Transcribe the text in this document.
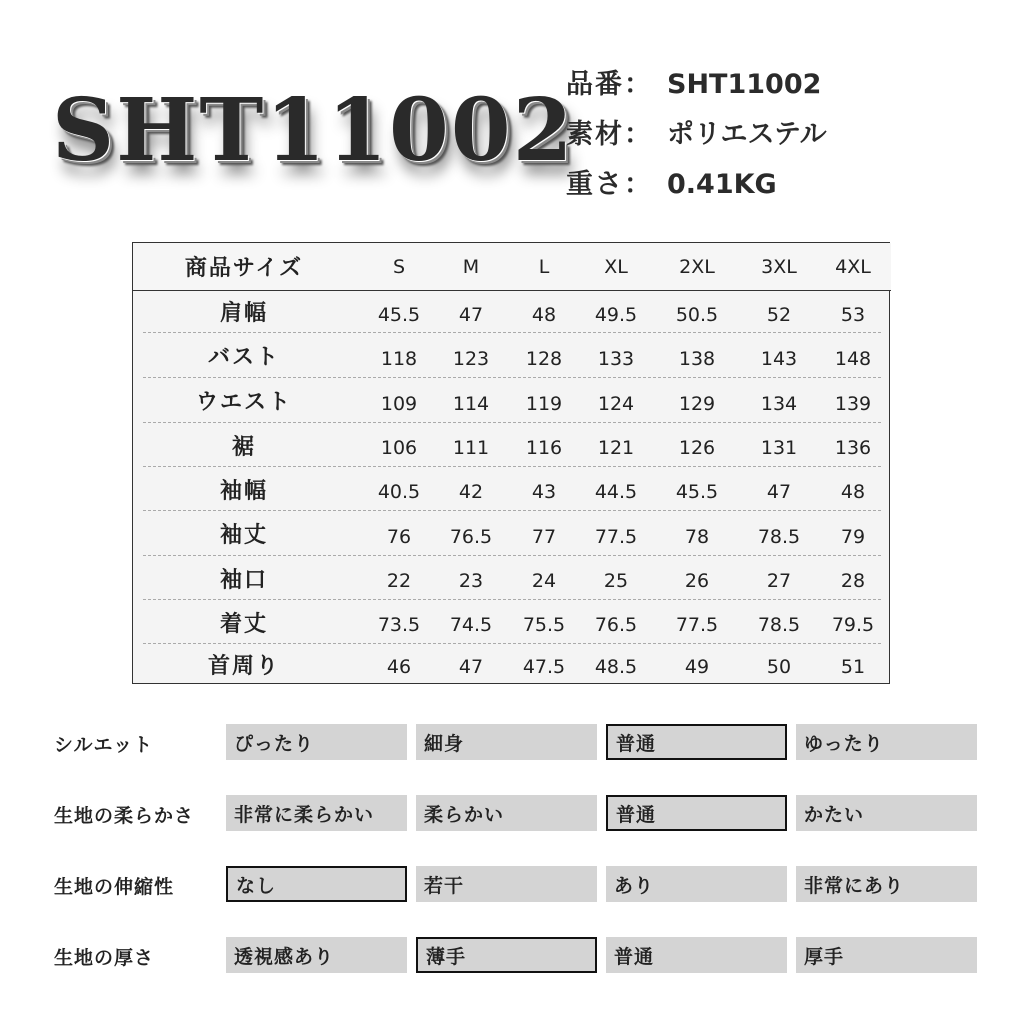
SHT11002
品番： SHT11002
素材： ポリエステル
重さ： 0.41KG
商品サイズ	S	M	L	XL	2XL	3XL	4XL
肩幅	45.5	47	48	49.5	50.5	52	53
バスト	118	123	128	133	138	143	148
ウエスト	109	114	119	124	129	134	139
裾	106	111	116	121	126	131	136
袖幅	40.5	42	43	44.5	45.5	47	48
袖丈	76	76.5	77	77.5	78	78.5	79
袖口	22	23	24	25	26	27	28
着丈	73.5	74.5	75.5	76.5	77.5	78.5	79.5
首周り	46	47	47.5	48.5	49	50	51
シルエット	ぴったり	細身	普通	ゆったり
生地の柔らかさ	非常に柔らかい	柔らかい	普通	かたい
生地の伸縮性	なし	若干	あり	非常にあり
生地の厚さ	透視感あり	薄手	普通	厚手
